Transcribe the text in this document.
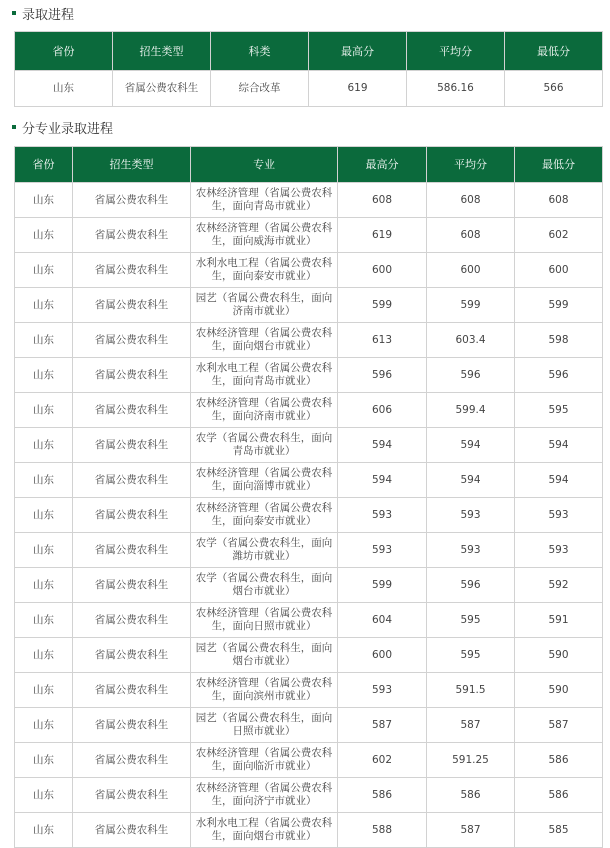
录取进程
省份	招生类型	科类	最高分	平均分	最低分
山东	省属公费农科生	综合改革	619	586.16	566
分专业录取进程
省份	招生类型	专业	最高分	平均分	最低分
山东	省属公费农科生	农林经济管理（省属公费农科生，面向青岛市就业）	608	608	608
山东	省属公费农科生	农林经济管理（省属公费农科生，面向威海市就业）	619	608	602
山东	省属公费农科生	水利水电工程（省属公费农科生，面向泰安市就业）	600	600	600
山东	省属公费农科生	园艺（省属公费农科生，面向济南市就业）	599	599	599
山东	省属公费农科生	农林经济管理（省属公费农科生，面向烟台市就业）	613	603.4	598
山东	省属公费农科生	水利水电工程（省属公费农科生，面向青岛市就业）	596	596	596
山东	省属公费农科生	农林经济管理（省属公费农科生，面向济南市就业）	606	599.4	595
山东	省属公费农科生	农学（省属公费农科生，面向青岛市就业）	594	594	594
山东	省属公费农科生	农林经济管理（省属公费农科生，面向淄博市就业）	594	594	594
山东	省属公费农科生	农林经济管理（省属公费农科生，面向泰安市就业）	593	593	593
山东	省属公费农科生	农学（省属公费农科生，面向潍坊市就业）	593	593	593
山东	省属公费农科生	农学（省属公费农科生，面向烟台市就业）	599	596	592
山东	省属公费农科生	农林经济管理（省属公费农科生，面向日照市就业）	604	595	591
山东	省属公费农科生	园艺（省属公费农科生，面向烟台市就业）	600	595	590
山东	省属公费农科生	农林经济管理（省属公费农科生，面向滨州市就业）	593	591.5	590
山东	省属公费农科生	园艺（省属公费农科生，面向日照市就业）	587	587	587
山东	省属公费农科生	农林经济管理（省属公费农科生，面向临沂市就业）	602	591.25	586
山东	省属公费农科生	农林经济管理（省属公费农科生，面向济宁市就业）	586	586	586
山东	省属公费农科生	水利水电工程（省属公费农科生，面向烟台市就业）	588	587	585
